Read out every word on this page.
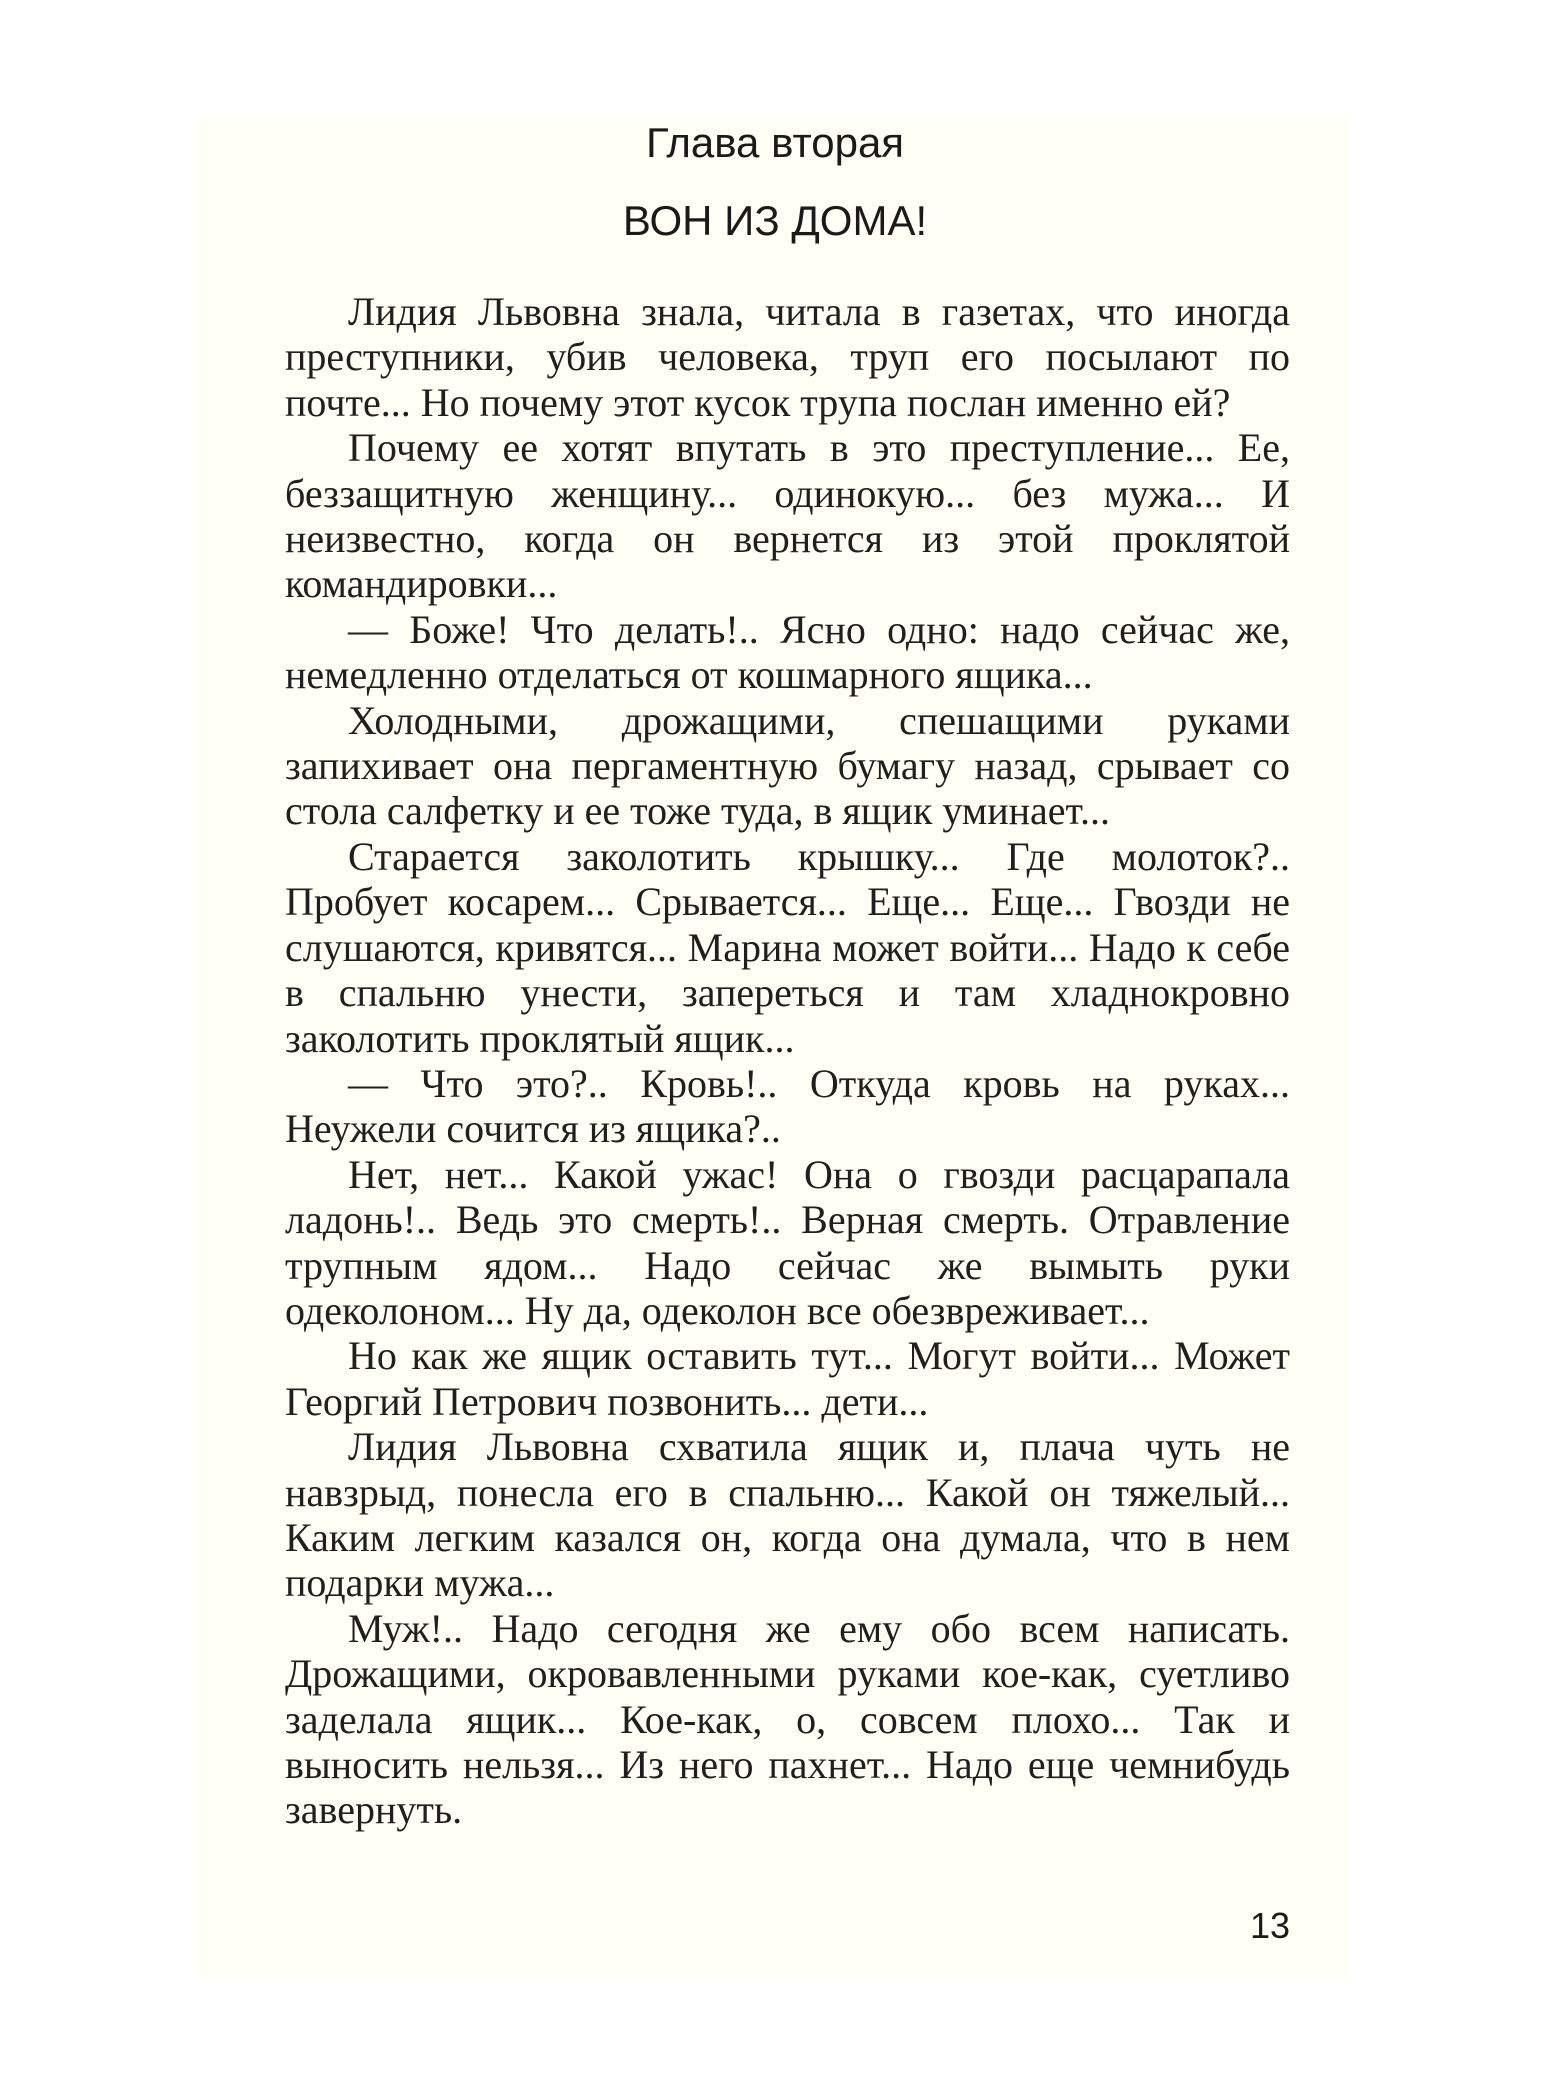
Глава вторая
ВОН ИЗ ДОМА!

Лидия Львовна знала, читала в газетах, что иногда преступники, убив человека, труп его посылают по почте... Но почему этот кусок трупа послан именно ей?

Почему ее хотят впутать в это преступление... Ее, беззащитную женщину... одинокую... без мужа... И неизвестно, когда он вернется из этой проклятой командировки...

— Боже! Что делать!.. Ясно одно: надо сейчас же, немедленно отделаться от кошмарного ящика...

Холодными, дрожащими, спешащими руками запихивает она пергаментную бумагу назад, срывает со стола салфетку и ее тоже туда, в ящик уминает...

Старается заколотить крышку... Где молоток?.. Пробует косарем... Срывается... Еще... Еще... Гвозди не слушаются, кривятся... Марина может войти... Надо к себе в спальню унести, запереться и там хладнокровно заколотить проклятый ящик...

— Что это?.. Кровь!.. Откуда кровь на руках... Неужели сочится из ящика?..

Нет, нет... Какой ужас! Она о гвозди расцарапала ладонь!.. Ведь это смерть!.. Верная смерть. Отравление трупным ядом... Надо сейчас же вымыть руки одеколоном... Ну да, одеколон все обезвреживает...

Но как же ящик оставить тут... Могут войти... Может Георгий Петрович позвонить... дети...

Лидия Львовна схватила ящик и, плача чуть не навзрыд, понесла его в спальню... Какой он тяжелый... Каким легким казался он, когда она думала, что в нем подарки мужа...

Муж!.. Надо сегодня же ему обо всем написать. Дрожащими, окровавленными руками кое-как, суетливо заделала ящик... Кое-как, о, совсем плохо... Так и выносить нельзя... Из него пахнет... Надо еще чемнибудь завернуть.

13
